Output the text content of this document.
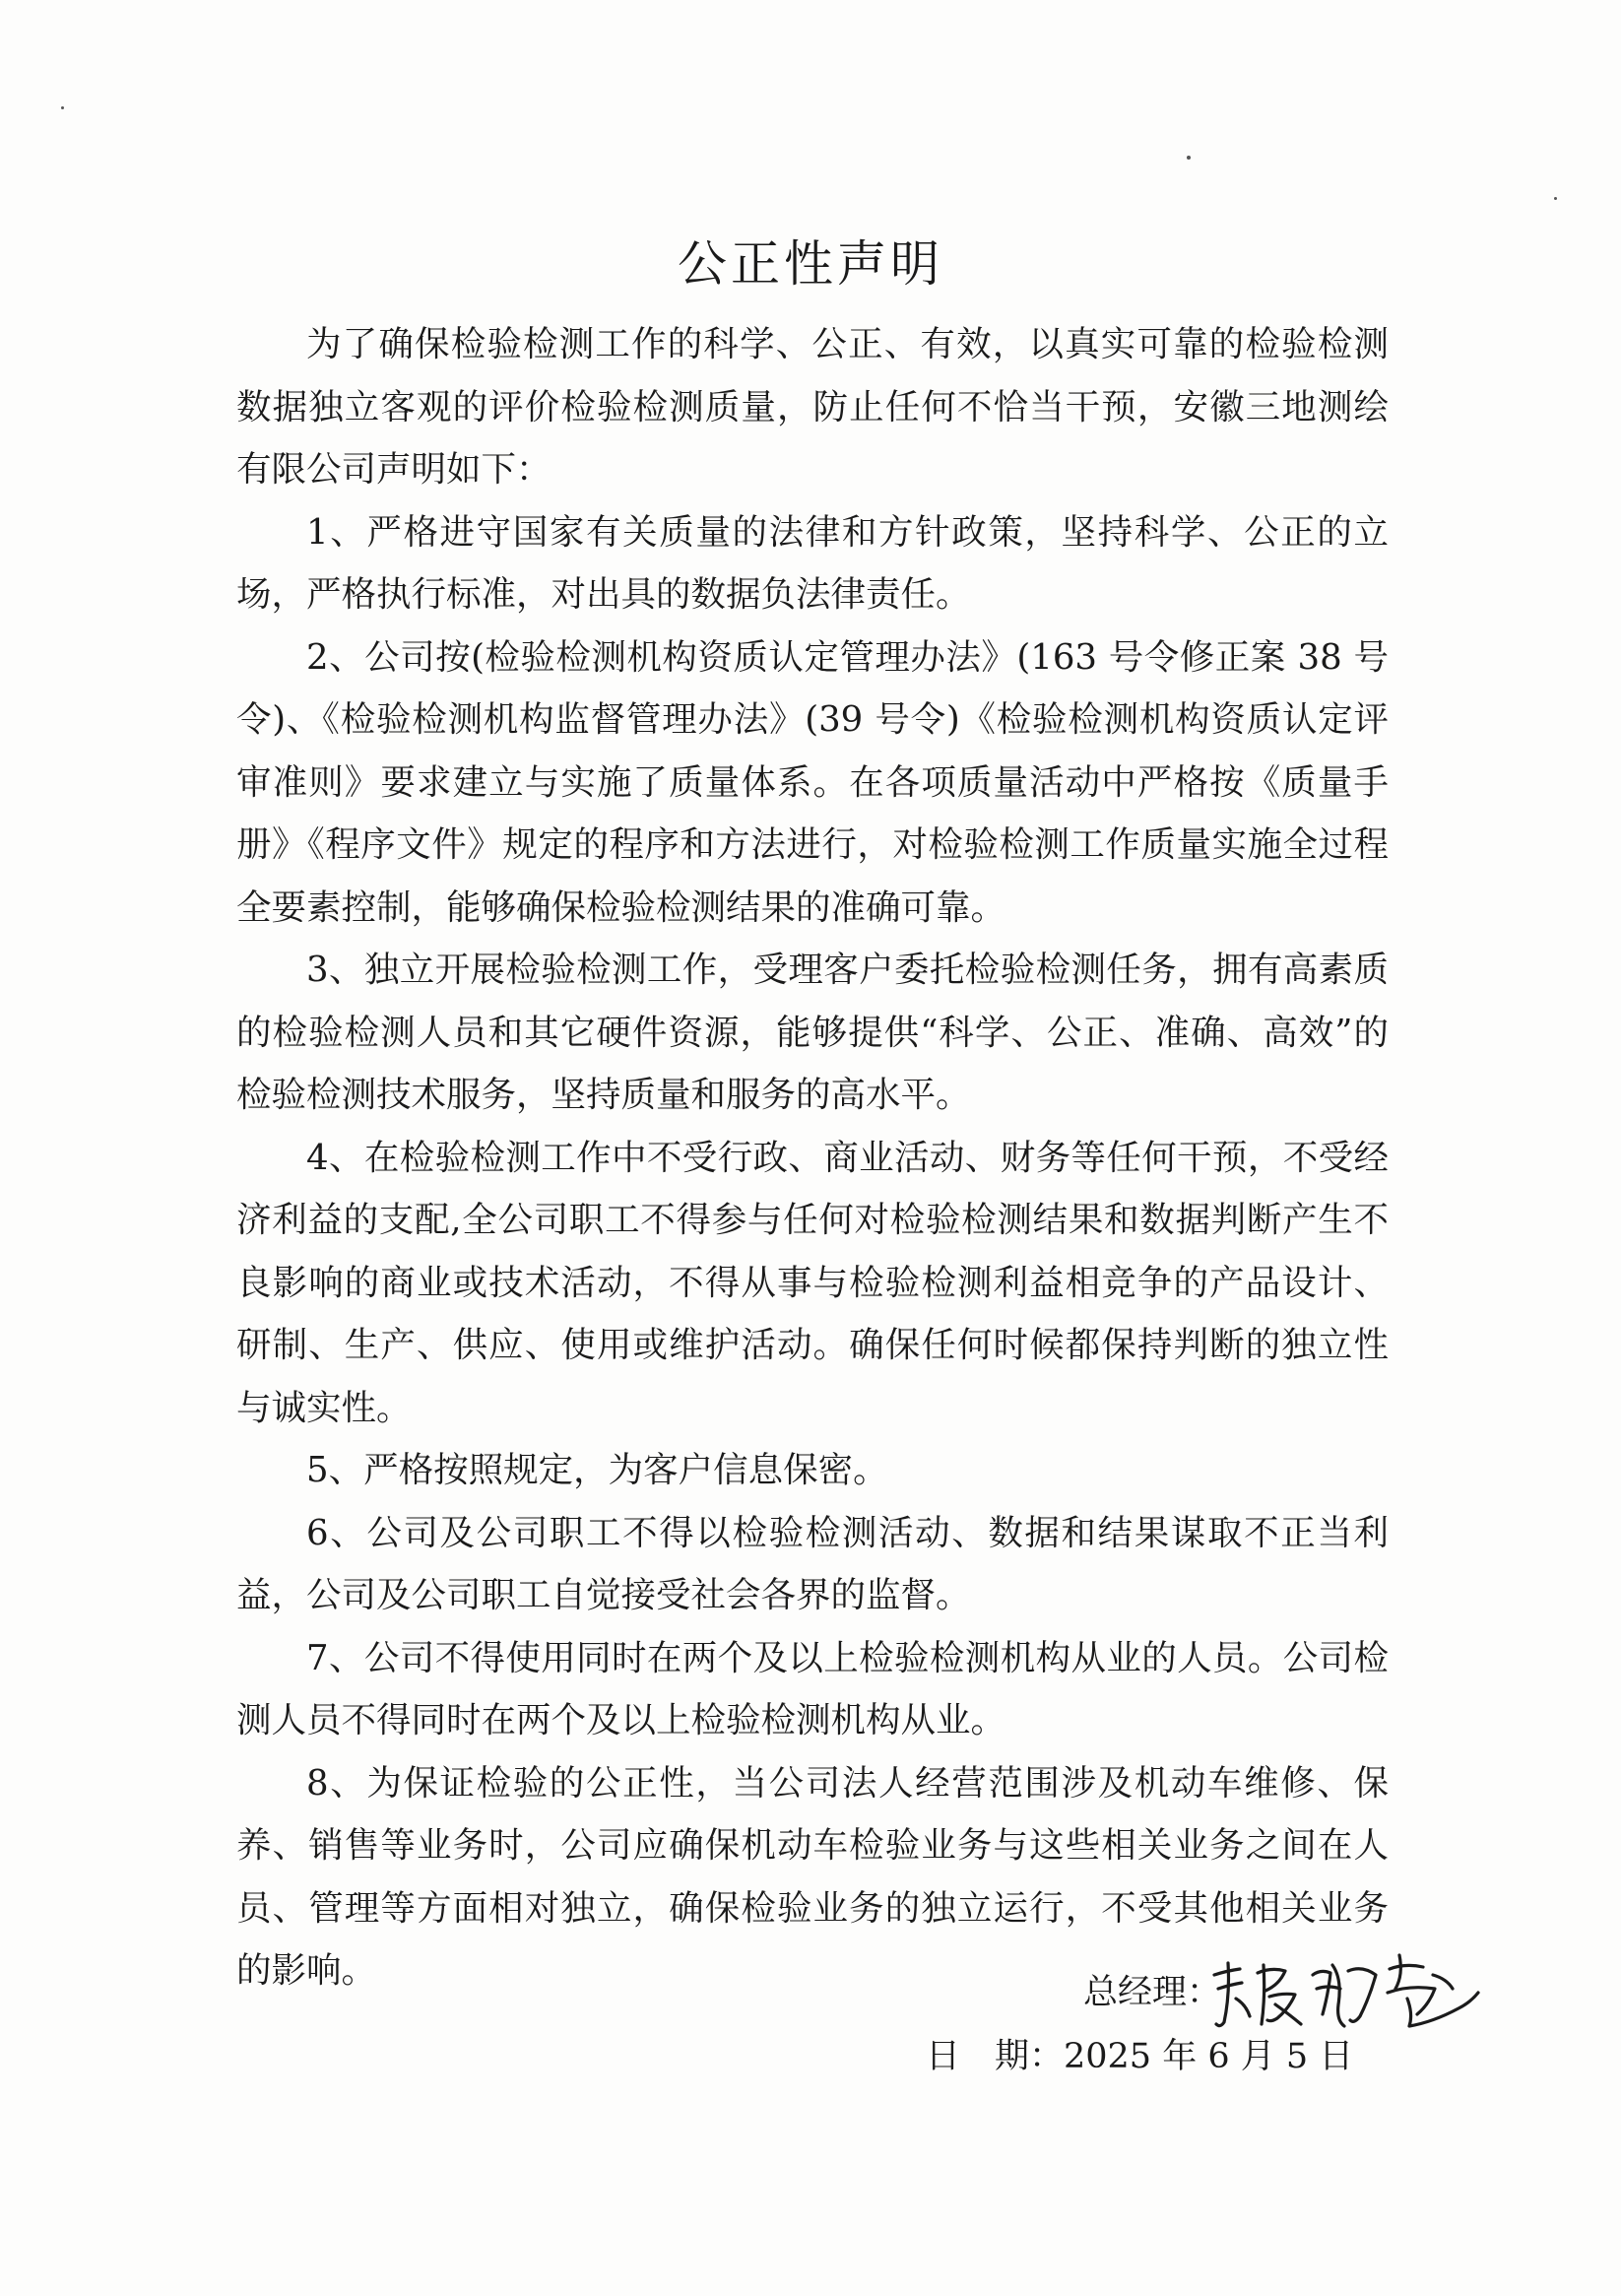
公正性声明

为了确保检验检测工作的科学、公正、有效，以真实可靠的检验检测数据独立客观的评价检验检测质量，防止任何不恰当干预，安徽三地测绘有限公司声明如下：

1、严格进守国家有关质量的法律和方针政策，坚持科学、公正的立场，严格执行标准，对出具的数据负法律责任。

2、公司按(检验检测机构资质认定管理办法》(163 号令修正案 38 号令)、《检验检测机构监督管理办法》(39 号令)《检验检测机构资质认定评审准则》要求建立与实施了质量体系。在各项质量活动中严格按《质量手册》《程序文件》规定的程序和方法进行，对检验检测工作质量实施全过程全要素控制，能够确保检验检测结果的准确可靠。

3、独立开展检验检测工作，受理客户委托检验检测任务，拥有高素质的检验检测人员和其它硬件资源，能够提供“科学、公正、准确、高效”的检验检测技术服务，坚持质量和服务的高水平。

4、在检验检测工作中不受行政、商业活动、财务等任何干预，不受经济利益的支配,全公司职工不得参与任何对检验检测结果和数据判断产生不良影响的商业或技术活动，不得从事与检验检测利益相竞争的产品设计、研制、生产、供应、使用或维护活动。确保任何时候都保持判断的独立性与诚实性。

5、严格按照规定，为客户信息保密。

6、公司及公司职工不得以检验检测活动、数据和结果谋取不正当利益，公司及公司职工自觉接受社会各界的监督。

7、公司不得使用同时在两个及以上检验检测机构从业的人员。公司检测人员不得同时在两个及以上检验检测机构从业。

8、为保证检验的公正性，当公司法人经营范围涉及机动车维修、保养、销售等业务时，公司应确保机动车检验业务与这些相关业务之间在人员、管理等方面相对独立，确保检验业务的独立运行，不受其他相关业务的影响。

总经理：
日　期：2025 年 6 月 5 日
